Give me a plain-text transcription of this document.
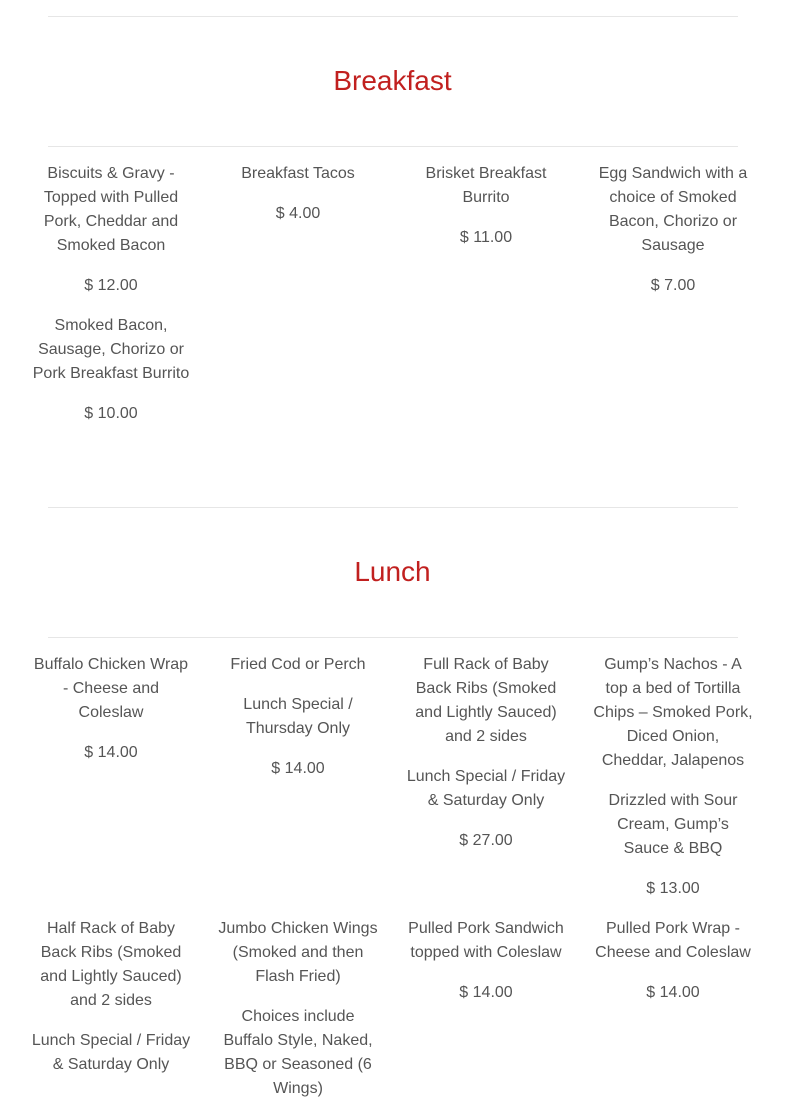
Breakfast

Biscuits & Gravy - Topped with Pulled Pork, Cheddar and Smoked Bacon

$ 12.00

Breakfast Tacos

$ 4.00

Brisket Breakfast Burrito

$ 11.00

Egg Sandwich with a choice of Smoked Bacon, Chorizo or Sausage

$ 7.00

Smoked Bacon, Sausage, Chorizo or Pork Breakfast Burrito

$ 10.00

Lunch

Buffalo Chicken Wrap - Cheese and Coleslaw

$ 14.00

Fried Cod or Perch

Lunch Special / Thursday Only

$ 14.00

Full Rack of Baby Back Ribs (Smoked and Lightly Sauced) and 2 sides

Lunch Special / Friday & Saturday Only

$ 27.00

Gump’s Nachos - A top a bed of Tortilla Chips – Smoked Pork, Diced Onion, Cheddar, Jalapenos

Drizzled with Sour Cream, Gump’s Sauce & BBQ

$ 13.00

Half Rack of Baby Back Ribs (Smoked and Lightly Sauced) and 2 sides

Lunch Special / Friday & Saturday Only

Jumbo Chicken Wings (Smoked and then Flash Fried)

Choices include Buffalo Style, Naked, BBQ or Seasoned (6 Wings)

Pulled Pork Sandwich topped with Coleslaw

$ 14.00

Pulled Pork Wrap - Cheese and Coleslaw

$ 14.00
